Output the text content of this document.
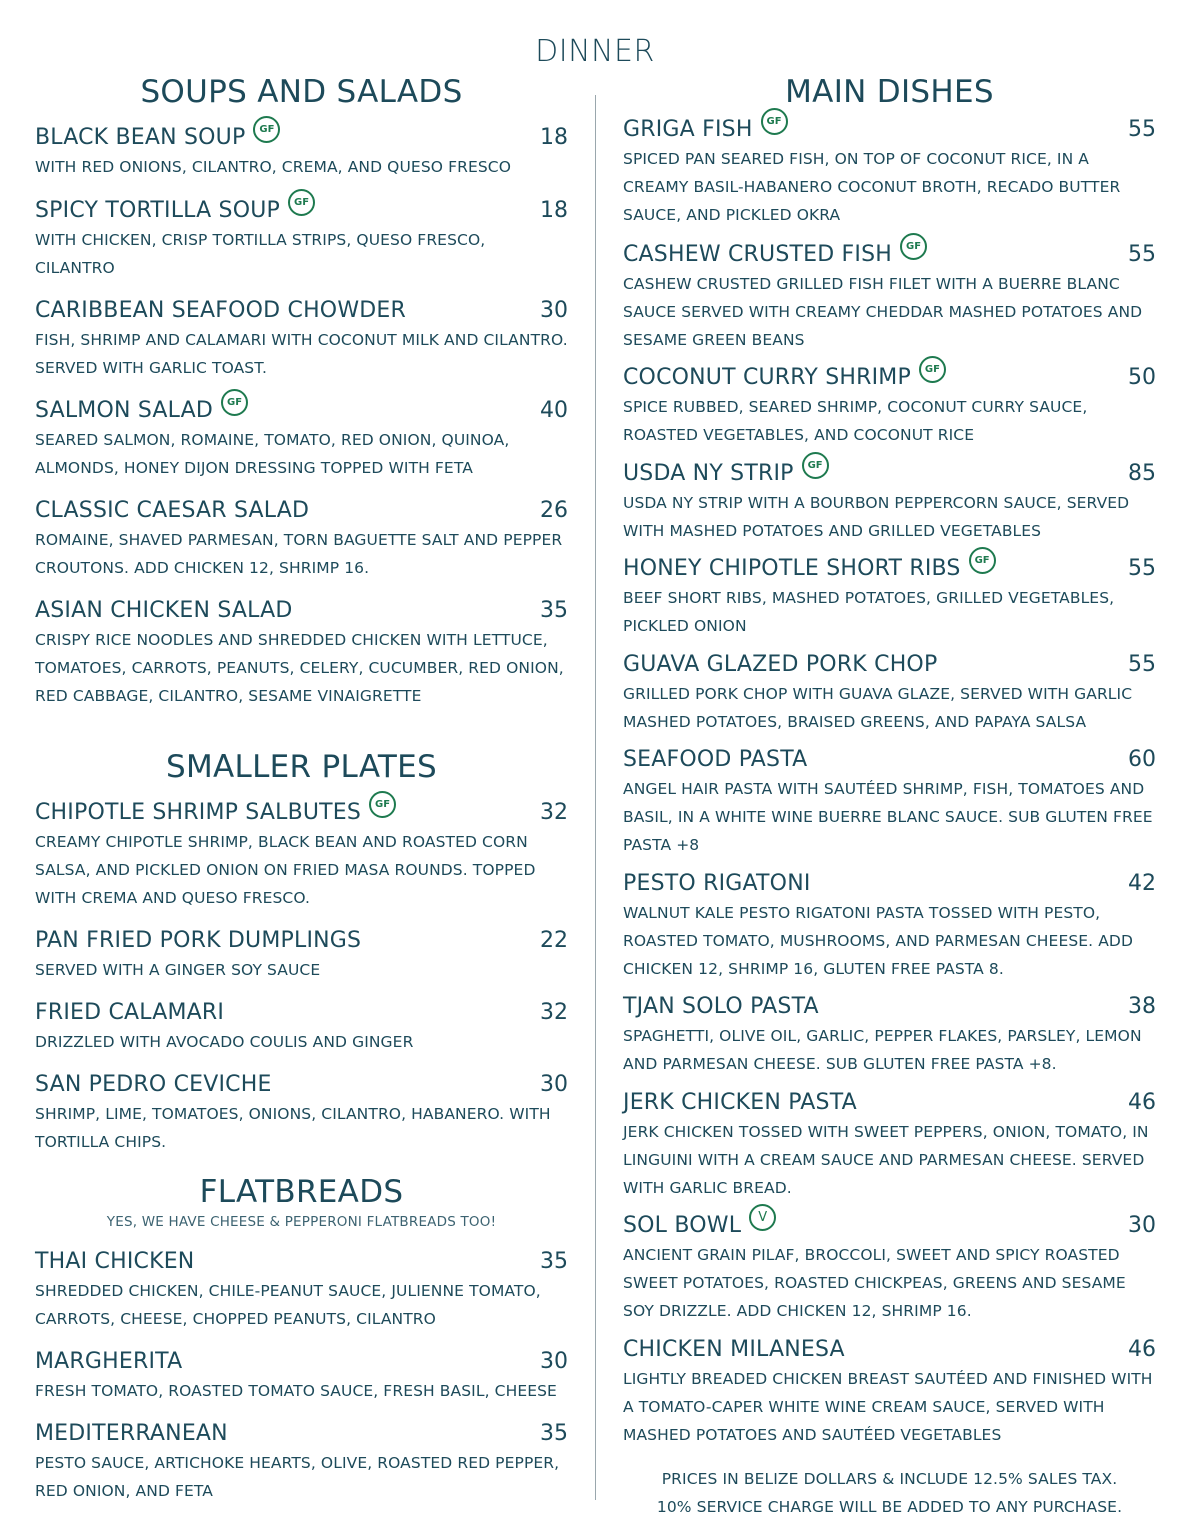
DINNER
SOUPS AND SALADS
BLACK BEAN SOUP GF	18
WITH RED ONIONS, CILANTRO, CREMA, AND QUESO FRESCO
SPICY TORTILLA SOUP GF	18
WITH CHICKEN, CRISP TORTILLA STRIPS, QUESO FRESCO, CILANTRO
CARIBBEAN SEAFOOD CHOWDER	30
FISH, SHRIMP AND CALAMARI WITH COCONUT MILK AND CILANTRO. SERVED WITH GARLIC TOAST.
SALMON SALAD GF	40
SEARED SALMON, ROMAINE, TOMATO, RED ONION, QUINOA, ALMONDS, HONEY DIJON DRESSING TOPPED WITH FETA
CLASSIC CAESAR SALAD	26
ROMAINE, SHAVED PARMESAN, TORN BAGUETTE SALT AND PEPPER CROUTONS. ADD CHICKEN 12, SHRIMP 16.
ASIAN CHICKEN SALAD	35
CRISPY RICE NOODLES AND SHREDDED CHICKEN WITH LETTUCE, TOMATOES, CARROTS, PEANUTS, CELERY, CUCUMBER, RED ONION, RED CABBAGE, CILANTRO, SESAME VINAIGRETTE
SMALLER PLATES
CHIPOTLE SHRIMP SALBUTES GF	32
CREAMY CHIPOTLE SHRIMP, BLACK BEAN AND ROASTED CORN SALSA, AND PICKLED ONION ON FRIED MASA ROUNDS. TOPPED WITH CREMA AND QUESO FRESCO.
PAN FRIED PORK DUMPLINGS	22
SERVED WITH A GINGER SOY SAUCE
FRIED CALAMARI	32
DRIZZLED WITH AVOCADO COULIS AND GINGER
SAN PEDRO CEVICHE	30
SHRIMP, LIME, TOMATOES, ONIONS, CILANTRO, HABANERO. WITH TORTILLA CHIPS.
FLATBREADS
YES, WE HAVE CHEESE & PEPPERONI FLATBREADS TOO!
THAI CHICKEN	35
SHREDDED CHICKEN, CHILE-PEANUT SAUCE, JULIENNE TOMATO, CARROTS, CHEESE, CHOPPED PEANUTS, CILANTRO
MARGHERITA	30
FRESH TOMATO, ROASTED TOMATO SAUCE, FRESH BASIL, CHEESE
MEDITERRANEAN	35
PESTO SAUCE, ARTICHOKE HEARTS, OLIVE, ROASTED RED PEPPER, RED ONION, AND FETA
MAIN DISHES
GRIGA FISH GF	55
SPICED PAN SEARED FISH, ON TOP OF COCONUT RICE, IN A CREAMY BASIL-HABANERO COCONUT BROTH, RECADO BUTTER SAUCE, AND PICKLED OKRA
CASHEW CRUSTED FISH GF	55
CASHEW CRUSTED GRILLED FISH FILET WITH A BUERRE BLANC SAUCE SERVED WITH CREAMY CHEDDAR MASHED POTATOES AND SESAME GREEN BEANS
COCONUT CURRY SHRIMP GF	50
SPICE RUBBED, SEARED SHRIMP, COCONUT CURRY SAUCE, ROASTED VEGETABLES, AND COCONUT RICE
USDA NY STRIP GF	85
USDA NY STRIP WITH A BOURBON PEPPERCORN SAUCE, SERVED WITH MASHED POTATOES AND GRILLED VEGETABLES
HONEY CHIPOTLE SHORT RIBS GF	55
BEEF SHORT RIBS, MASHED POTATOES, GRILLED VEGETABLES, PICKLED ONION
GUAVA GLAZED PORK CHOP	55
GRILLED PORK CHOP WITH GUAVA GLAZE, SERVED WITH GARLIC MASHED POTATOES, BRAISED GREENS, AND PAPAYA SALSA
SEAFOOD PASTA	60
ANGEL HAIR PASTA WITH SAUTÉED SHRIMP, FISH, TOMATOES AND BASIL, IN A WHITE WINE BUERRE BLANC SAUCE. SUB GLUTEN FREE PASTA +8
PESTO RIGATONI	42
WALNUT KALE PESTO RIGATONI PASTA TOSSED WITH PESTO, ROASTED TOMATO, MUSHROOMS, AND PARMESAN CHEESE. ADD CHICKEN 12, SHRIMP 16, GLUTEN FREE PASTA 8.
TJAN SOLO PASTA	38
SPAGHETTI, OLIVE OIL, GARLIC, PEPPER FLAKES, PARSLEY, LEMON AND PARMESAN CHEESE. SUB GLUTEN FREE PASTA +8.
JERK CHICKEN PASTA	46
JERK CHICKEN TOSSED WITH SWEET PEPPERS, ONION, TOMATO, IN LINGUINI WITH A CREAM SAUCE AND PARMESAN CHEESE. SERVED WITH GARLIC BREAD.
SOL BOWL V	30
ANCIENT GRAIN PILAF, BROCCOLI, SWEET AND SPICY ROASTED SWEET POTATOES, ROASTED CHICKPEAS, GREENS AND SESAME SOY DRIZZLE. ADD CHICKEN 12, SHRIMP 16.
CHICKEN MILANESA	46
LIGHTLY BREADED CHICKEN BREAST SAUTÉED AND FINISHED WITH A TOMATO-CAPER WHITE WINE CREAM SAUCE, SERVED WITH MASHED POTATOES AND SAUTÉED VEGETABLES
PRICES IN BELIZE DOLLARS & INCLUDE 12.5% SALES TAX.
10% SERVICE CHARGE WILL BE ADDED TO ANY PURCHASE.
